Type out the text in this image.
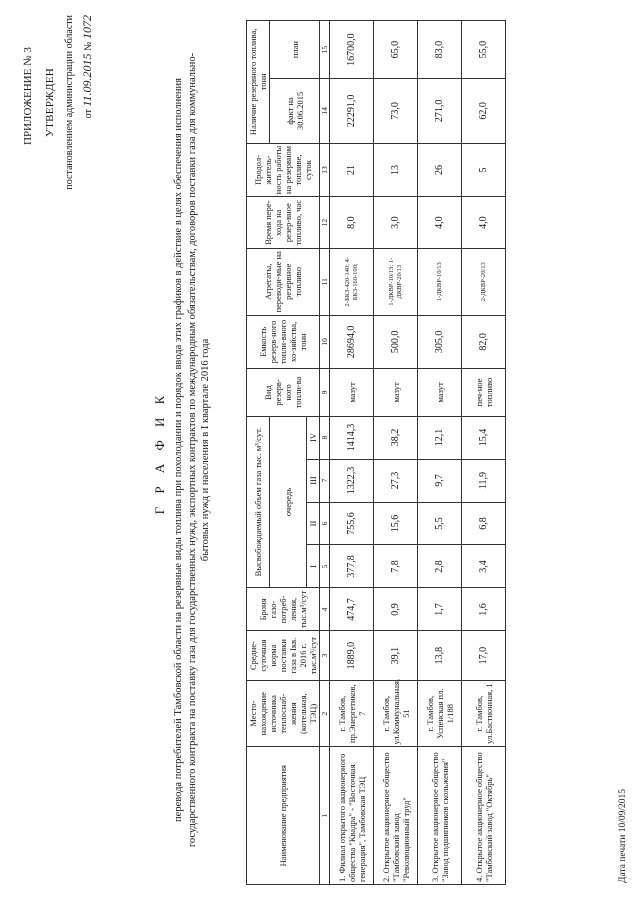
ПРИЛОЖЕНИЕ № 3 УТВЕРЖДЕН постановлением администрации области от 11.09.2015 № 1072
Г Р А Ф И К перевода потребителей Тамбовской области на резервные виды топлива при похолодании и порядок ввода этих графиков в действие в целях обеспечения исполнения государственного контракта на поставку газа для государственных нужд, экспортных контрактов по международным обязательствам, договоров поставки газа для коммунально-бытовых нужд и населения в I квартале 2016 года
Наименование предприятия	Место-нахождение источника теплоснаб-жения (котельная, ТЭЦ)	Средне-суточная норма поставки газа в Iкв. 2016 г. тыс.м³/сут	Броня газо-потреб-ления, тыс.м³/сут	Высвобождаемый объем газа тыс. м³/сут.				Вид резерв-ного топли-ва	Емкость резерв-ного топли-вного хо-зяйства, тонн	Агрегаты, переводи-мые на резервное топливо	Время пере-хода на резер-вное топливо, час	Продол-житель-ность работы на резервном топливе, суток	Наличие резервного топлива, тонн	
				очередь									факт на 30.06.2015	план
				I	II	III	IV							
1	2	3	4	5	6	7	8	9	10	11	12	13	14	15
1. Филиал открытого акционерного общества "Квадра" - "Восточная генерация", Тамбовская ТЭЦ	г. Тамбов, пр.Энергетиков, 7	1889,0	474,7	377,8	755,6	1322,3	1414,3	мазут	28694,0	2-БКЗ-420-140; 4-БКЗ-160-100;	8,0	21	22291,0	16700,0
2. Открытое акционерное общество "Тамбовский завод "Революционный труд"	г. Тамбов, ул.Коммунальная, 51	39,1	0,9	7,8	15,6	27,3	38,2	мазут	500,0	1-ДКВР-10/13; 1-ДКВР-20/13	3,0	13	73,0	65,0
3. Открытое акционерное общество "Завод подшипников скольжения"	г. Тамбов, Успенская пл. 1/188	13,8	1,7	2,8	5,5	9,7	12,1	мазут	305,0	1-ДКВР-10/13	4,0	26	271,0	83,0
4. Открытое акционерное общество "Тамбовский завод "Октябрь"	г. Тамбов, ул.Бастионная, 1	17,0	1,6	3,4	6,8	11,9	15,4	печ-ное топливо	82,0	2-ДКВР-20/13	4,0	5	62,0	55,0
Дата печати 10/09/2015
